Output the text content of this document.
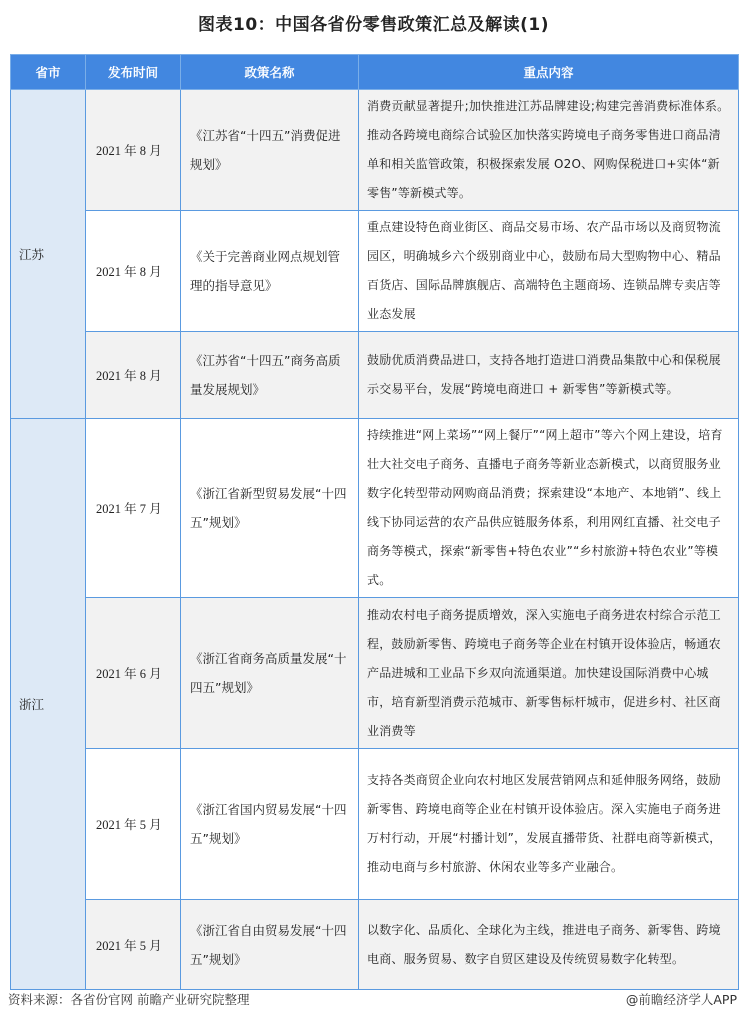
图表10：中国各省份零售政策汇总及解读(1)
省市	发布时间	政策名称	重点内容
江苏	2021 年 8 月	《江苏省“十四五”消费促进规划》	消费贡献显著提升;加快推进江苏品牌建设;构建完善消费标准体系。推动各跨境电商综合试验区加快落实跨境电子商务零售进口商品清单和相关监管政策，积极探索发展 O2O、网购保税进口+实体“新零售”等新模式等。
	2021 年 8 月	《关于完善商业网点规划管理的指导意见》	重点建设特色商业街区、商品交易市场、农产品市场以及商贸物流园区，明确城乡六个级别商业中心，鼓励布局大型购物中心、精品百货店、国际品牌旗舰店、高端特色主题商场、连锁品牌专卖店等业态发展
	2021 年 8 月	《江苏省“十四五”商务高质量发展规划》	鼓励优质消费品进口，支持各地打造进口消费品集散中心和保税展示交易平台，发展“跨境电商进口 + 新零售”等新模式等。
浙江	2021 年 7 月	《浙江省新型贸易发展“十四五”规划》	持续推进“网上菜场”“网上餐厅”“网上超市”等六个网上建设，培育壮大社交电子商务、直播电子商务等新业态新模式，以商贸服务业数字化转型带动网购商品消费；探索建设“本地产、本地销”、线上线下协同运营的农产品供应链服务体系，利用网红直播、社交电子商务等模式，探索“新零售+特色农业”“乡村旅游+特色农业”等模式。
	2021 年 6 月	《浙江省商务高质量发展“十四五”规划》	推动农村电子商务提质增效，深入实施电子商务进农村综合示范工程，鼓励新零售、跨境电子商务等企业在村镇开设体验店，畅通农产品进城和工业品下乡双向流通渠道。加快建设国际消费中心城市，培育新型消费示范城市、新零售标杆城市，促进乡村、社区商业消费等
	2021 年 5 月	《浙江省国内贸易发展“十四五”规划》	支持各类商贸企业向农村地区发展营销网点和延伸服务网络，鼓励新零售、跨境电商等企业在村镇开设体验店。深入实施电子商务进万村行动，开展“村播计划”，发展直播带货、社群电商等新模式，推动电商与乡村旅游、休闲农业等多产业融合。
	2021 年 5 月	《浙江省自由贸易发展“十四五”规划》	以数字化、品质化、全球化为主线，推进电子商务、新零售、跨境电商、服务贸易、数字自贸区建设及传统贸易数字化转型。
资料来源：各省份官网 前瞻产业研究院整理	@前瞻经济学人APP
